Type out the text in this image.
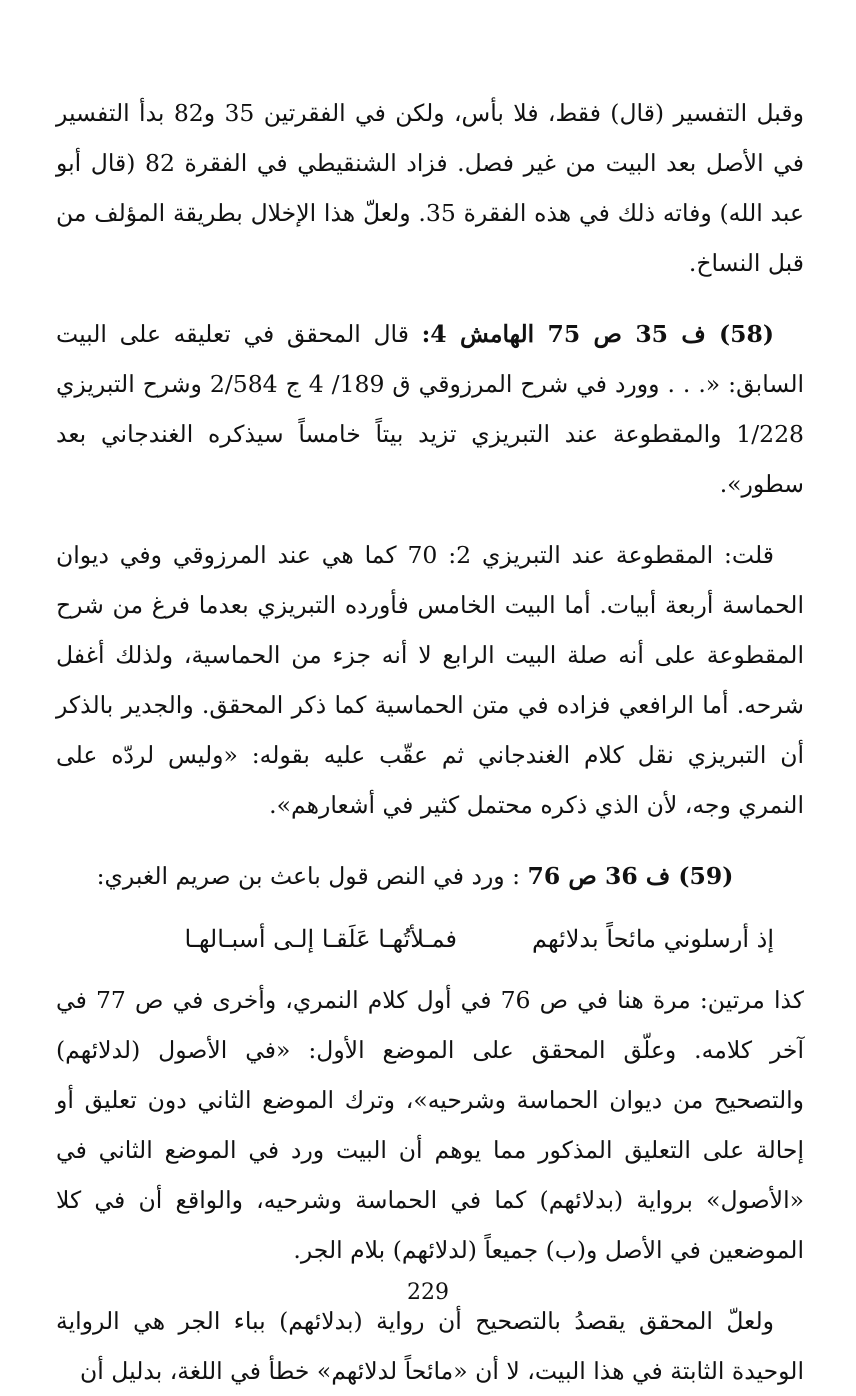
وقبل التفسير (قال) فقط، فلا بأس، ولكن في الفقرتين 35 و82 بدأ التفسير في الأصل بعد البيت من غير فصل. فزاد الشنقيطي في الفقرة 82 (قال أبو عبد الله) وفاته ذلك في هذه الفقرة 35. ولعلّ هذا الإخلال بطريقة المؤلف من قبل النساخ.

(58) ف 35 ص 75 الهامش 4: قال المحقق في تعليقه على البيت السابق: «. . . وورد في شرح المرزوقي ق 189/ 4 ج 2/584 وشرح التبريزي 1/228 والمقطوعة عند التبريزي تزيد بيتاً خامساً سيذكره الغندجاني بعد سطور».

قلت: المقطوعة عند التبريزي 2: 70 كما هي عند المرزوقي وفي ديوان الحماسة أربعة أبيات. أما البيت الخامس فأورده التبريزي بعدما فرغ من شرح المقطوعة على أنه صلة البيت الرابع لا أنه جزء من الحماسية، ولذلك أغفل شرحه. أما الرافعي فزاده في متن الحماسية كما ذكر المحقق. والجدير بالذكر أن التبريزي نقل كلام الغندجاني ثم عقّب عليه بقوله: «وليس لردّه على النمري وجه، لأن الذي ذكره محتمل كثير في أشعارهم».

(59) ف 36 ص 76 : ورد في النص قول باعث بن صريم الغبري:

إذ أرسلوني مائحاً بدلائهم
فمـلأتُهـا عَلَقـا إلـى أسبـالهـا

كذا مرتين: مرة هنا في ص 76 في أول كلام النمري، وأخرى في ص 77 في آخر كلامه. وعلّق المحقق على الموضع الأول: «في الأصول (لدلائهم) والتصحيح من ديوان الحماسة وشرحيه»، وترك الموضع الثاني دون تعليق أو إحالة على التعليق المذكور مما يوهم أن البيت ورد في الموضع الثاني في «الأصول» برواية (بدلائهم) كما في الحماسة وشرحيه، والواقع أن في كلا الموضعين في الأصل و(ب) جميعاً (لدلائهم) بلام الجر.

ولعلّ المحقق يقصدُ بالتصحيح أن رواية (بدلائهم) بباء الجر هي الرواية الوحيدة الثابتة في هذا البيت، لا أن «مائحاً لدلائهم» خطأ في اللغة، بدليل أن

229
